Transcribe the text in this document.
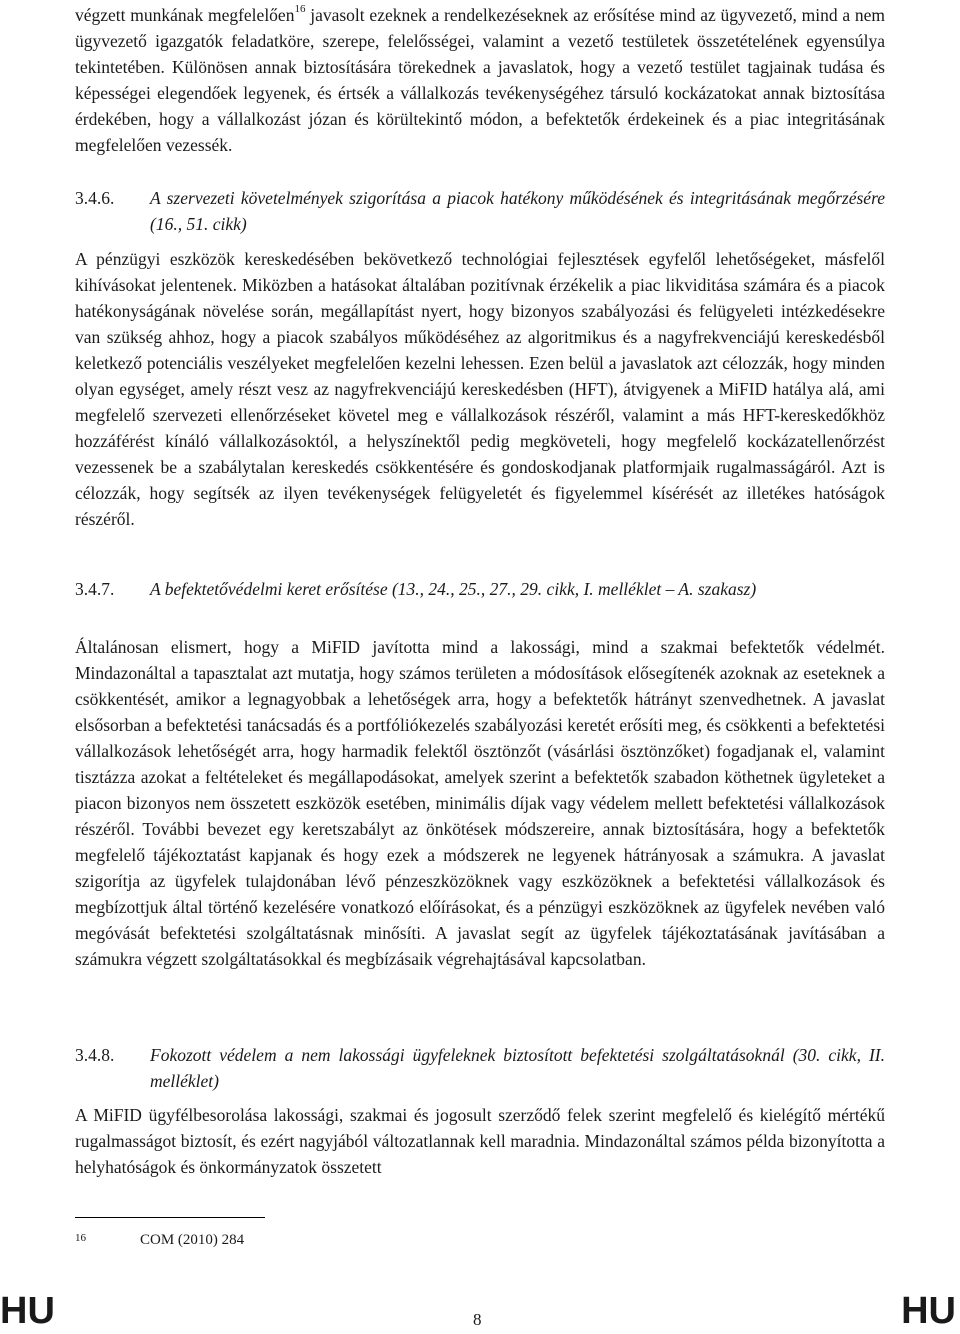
végzett munkának megfelelően$^{16}$ javasolt ezeknek a rendelkezéseknek az erősítése mind az ügyvezető, mind a nem ügyvezető igazgatók feladatköre, szerepe, felelősségei, valamint a vezető testületek összetételének egyensúlya tekintetében. Különösen annak biztosítására törekednek a javaslatok, hogy a vezető testület tagjainak tudása és képességei elegendőek legyenek, és értsék a vállalkozás tevékenységéhez társuló kockázatokat annak biztosítása érdekében, hogy a vállalkozást józan és körültekintő módon, a befektetők érdekeinek és a piac integritásának megfelelően vezessék.

3.4.6.	A szervezeti követelmények szigorítása a piacok hatékony működésének és integritásának megőrzésére (16., 51. cikk)

A pénzügyi eszközök kereskedésében bekövetkező technológiai fejlesztések egyfelől lehetőségeket, másfelől kihívásokat jelentenek. Miközben a hatásokat általában pozitívnak érzékelik a piac likviditása számára és a piacok hatékonyságának növelése során, megállapítást nyert, hogy bizonyos szabályozási és felügyeleti intézkedésekre van szükség ahhoz, hogy a piacok szabályos működéséhez az algoritmikus és a nagyfrekvenciájú kereskedésből keletkező potenciális veszélyeket megfelelően kezelni lehessen. Ezen belül a javaslatok azt célozzák, hogy minden olyan egységet, amely részt vesz az nagyfrekvenciájú kereskedésben (HFT), átvigyenek a MiFID hatálya alá, ami megfelelő szervezeti ellenőrzéseket követel meg e vállalkozások részéről, valamint a más HFT-kereskedőkhöz hozzáférést kínáló vállalkozásoktól, a helyszínektől pedig megköveteli, hogy megfelelő kockázatellenőrzést vezessenek be a szabálytalan kereskedés csökkentésére és gondoskodjanak platformjaik rugalmasságáról. Azt is célozzák, hogy segítsék az ilyen tevékenységek felügyeletét és figyelemmel kísérését az illetékes hatóságok részéről.

3.4.7.	A befektetővédelmi keret erősítése (13., 24., 25., 27., 29. cikk, I. melléklet – A. szakasz)

Általánosan elismert, hogy a MiFID javította mind a lakossági, mind a szakmai befektetők védelmét. Mindazonáltal a tapasztalat azt mutatja, hogy számos területen a módosítások elősegítenék azoknak az eseteknek a csökkentését, amikor a legnagyobbak a lehetőségek arra, hogy a befektetők hátrányt szenvedhetnek. A javaslat elsősorban a befektetési tanácsadás és a portfóliókezelés szabályozási keretét erősíti meg, és csökkenti a befektetési vállalkozások lehetőségét arra, hogy harmadik felektől ösztönzőt (vásárlási ösztönzőket) fogadjanak el, valamint tisztázza azokat a feltételeket és megállapodásokat, amelyek szerint a befektetők szabadon köthetnek ügyleteket a piacon bizonyos nem összetett eszközök esetében, minimális díjak vagy védelem mellett befektetési vállalkozások részéről. További bevezet egy keretszabályt az önkötések módszereire, annak biztosítására, hogy a befektetők megfelelő tájékoztatást kapjanak és hogy ezek a módszerek ne legyenek hátrányosak a számukra. A javaslat szigorítja az ügyfelek tulajdonában lévő pénzeszközöknek vagy eszközöknek a befektetési vállalkozások és megbízottjuk által történő kezelésére vonatkozó előírásokat, és a pénzügyi eszközöknek az ügyfelek nevében való megóvását befektetési szolgáltatásnak minősíti. A javaslat segít az ügyfelek tájékoztatásának javításában a számukra végzett szolgáltatásokkal és megbízásaik végrehajtásával kapcsolatban.

3.4.8.	Fokozott védelem a nem lakossági ügyfeleknek biztosított befektetési szolgáltatásoknál (30. cikk, II. melléklet)

A MiFID ügyfélbesorolása lakossági, szakmai és jogosult szerződő felek szerint megfelelő és kielégítő mértékű rugalmasságot biztosít, és ezért nagyjából változatlannak kell maradnia. Mindazonáltal számos példa bizonyította a helyhatóságok és önkormányzatok összetett

16	COM (2010) 284
HU	8	HU
